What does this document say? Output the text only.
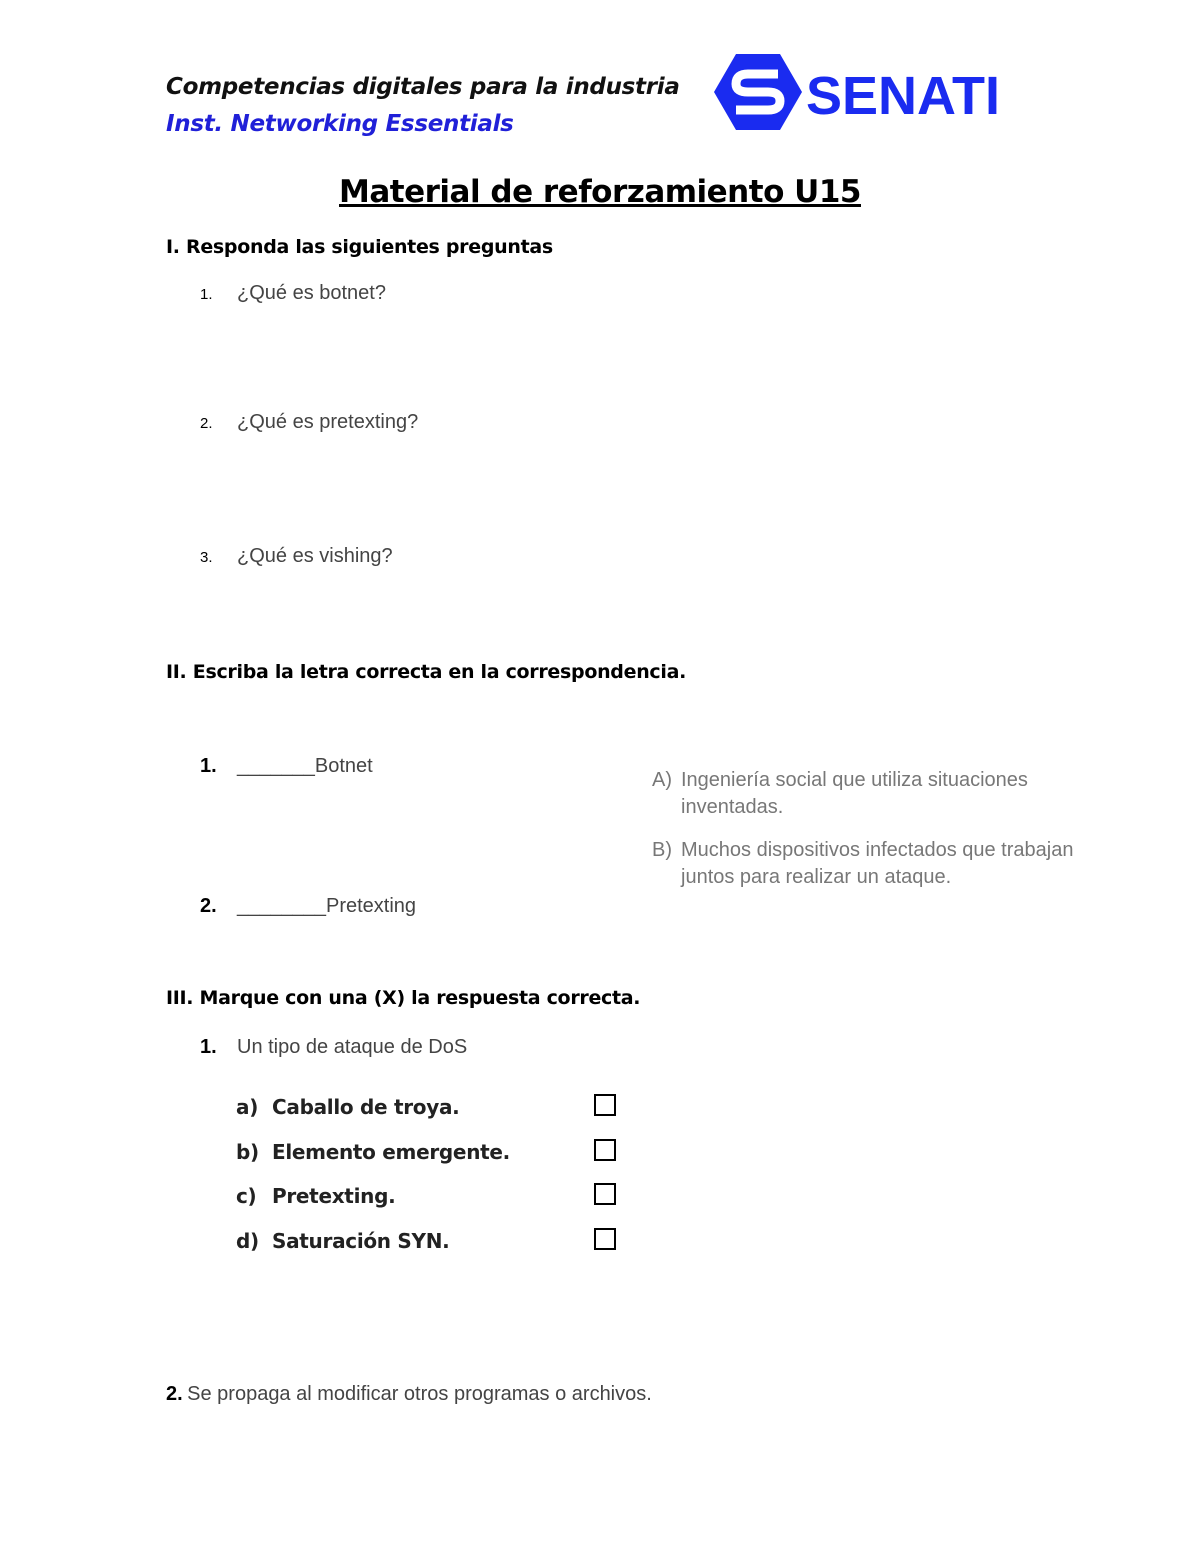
Competencias digitales para la industria
Inst. Networking Essentials	SENATI
Material de reforzamiento U15
I. Responda las siguientes preguntas
1. ¿Qué es botnet?
2. ¿Qué es pretexting?
3. ¿Qué es vishing?
II. Escriba la letra correcta en la correspondencia.
1. _______Botnet
2. ________Pretexting
A) Ingeniería social que utiliza situaciones inventadas.
B) Muchos dispositivos infectados que trabajan juntos para realizar un ataque.
III. Marque con una (X) la respuesta correcta.
1. Un tipo de ataque de DoS
a) Caballo de troya.
b) Elemento emergente.
c) Pretexting.
d) Saturación SYN.
2. Se propaga al modificar otros programas o archivos.
